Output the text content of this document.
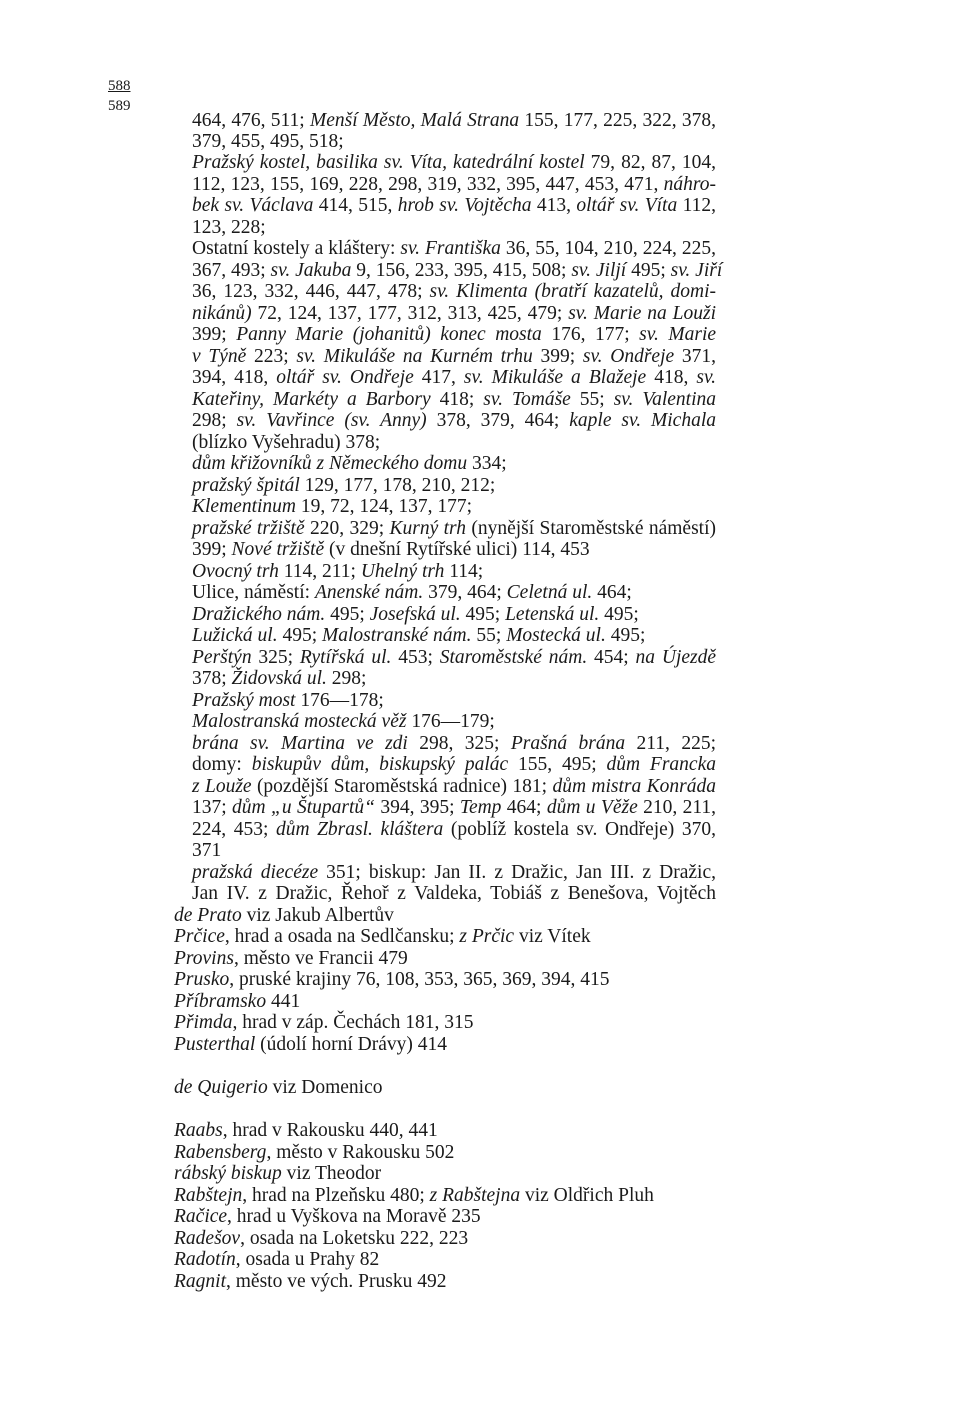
588
589
464, 476, 511; Menší Město, Malá Strana 155, 177, 225, 322, 378,
379, 455, 495, 518;
Pražský kostel, basilika sv. Víta, katedrální kostel 79, 82, 87, 104,
112, 123, 155, 169, 228, 298, 319, 332, 395, 447, 453, 471, náhro-
bek sv. Václava 414, 515, hrob sv. Vojtěcha 413, oltář sv. Víta 112,
123, 228;
Ostatní kostely a kláštery: sv. Františka 36, 55, 104, 210, 224, 225,
367, 493; sv. Jakuba 9, 156, 233, 395, 415, 508; sv. Jiljí 495; sv. Jiří
36, 123, 332, 446, 447, 478; sv. Klimenta (bratří kazatelů, domi-
nikánů) 72, 124, 137, 177, 312, 313, 425, 479; sv. Marie na Louži
399; Panny Marie (johanitů) konec mosta 176, 177; sv. Marie
v Týně 223; sv. Mikuláše na Kurném trhu 399; sv. Ondřeje 371,
394, 418, oltář sv. Ondřeje 417, sv. Mikuláše a Blažeje 418, sv.
Kateřiny, Markéty a Barbory 418; sv. Tomáše 55; sv. Valentina
298; sv. Vavřince (sv. Anny) 378, 379, 464; kaple sv. Michala
(blízko Vyšehradu) 378;
dům křižovníků z Německého domu 334;
pražský špitál 129, 177, 178, 210, 212;
Klementinum 19, 72, 124, 137, 177;
pražské tržiště 220, 329; Kurný trh (nynější Staroměstské náměstí)
399; Nové tržiště (v dnešní Rytířské ulici) 114, 453
Ovocný trh 114, 211; Uhelný trh 114;
Ulice, náměstí: Anenské nám. 379, 464; Celetná ul. 464;
Dražického nám. 495; Josefská ul. 495; Letenská ul. 495;
Lužická ul. 495; Malostranské nám. 55; Mostecká ul. 495;
Perštýn 325; Rytířská ul. 453; Staroměstské nám. 454; na Újezdě
378; Židovská ul. 298;
Pražský most 176—178;
Malostranská mostecká věž 176—179;
brána sv. Martina ve zdi 298, 325; Prašná brána 211, 225;
domy: biskupův dům, biskupský palác 155, 495; dům Francka
z Louže (pozdější Staroměstská radnice) 181; dům mistra Konráda
137; dům „u Štupartů“ 394, 395; Temp 464; dům u Věže 210, 211,
224, 453; dům Zbrasl. kláštera (poblíž kostela sv. Ondřeje) 370,
371
pražská diecéze 351; biskup: Jan II. z Dražic, Jan III. z Dražic,
Jan IV. z Dražic, Řehoř z Valdeka, Tobiáš z Benešova, Vojtěch
de Prato viz Jakub Albertův
Prčice, hrad a osada na Sedlčansku; z Prčic viz Vítek
Provins, město ve Francii 479
Prusko, pruské krajiny 76, 108, 353, 365, 369, 394, 415
Příbramsko 441
Přimda, hrad v záp. Čechách 181, 315
Pusterthal (údolí horní Drávy) 414
de Quigerio viz Domenico
Raabs, hrad v Rakousku 440, 441
Rabensberg, město v Rakousku 502
rábský biskup viz Theodor
Rabštejn, hrad na Plzeňsku 480; z Rabštejna viz Oldřich Pluh
Račice, hrad u Vyškova na Moravě 235
Radešov, osada na Loketsku 222, 223
Radotín, osada u Prahy 82
Ragnit, město ve vých. Prusku 492
